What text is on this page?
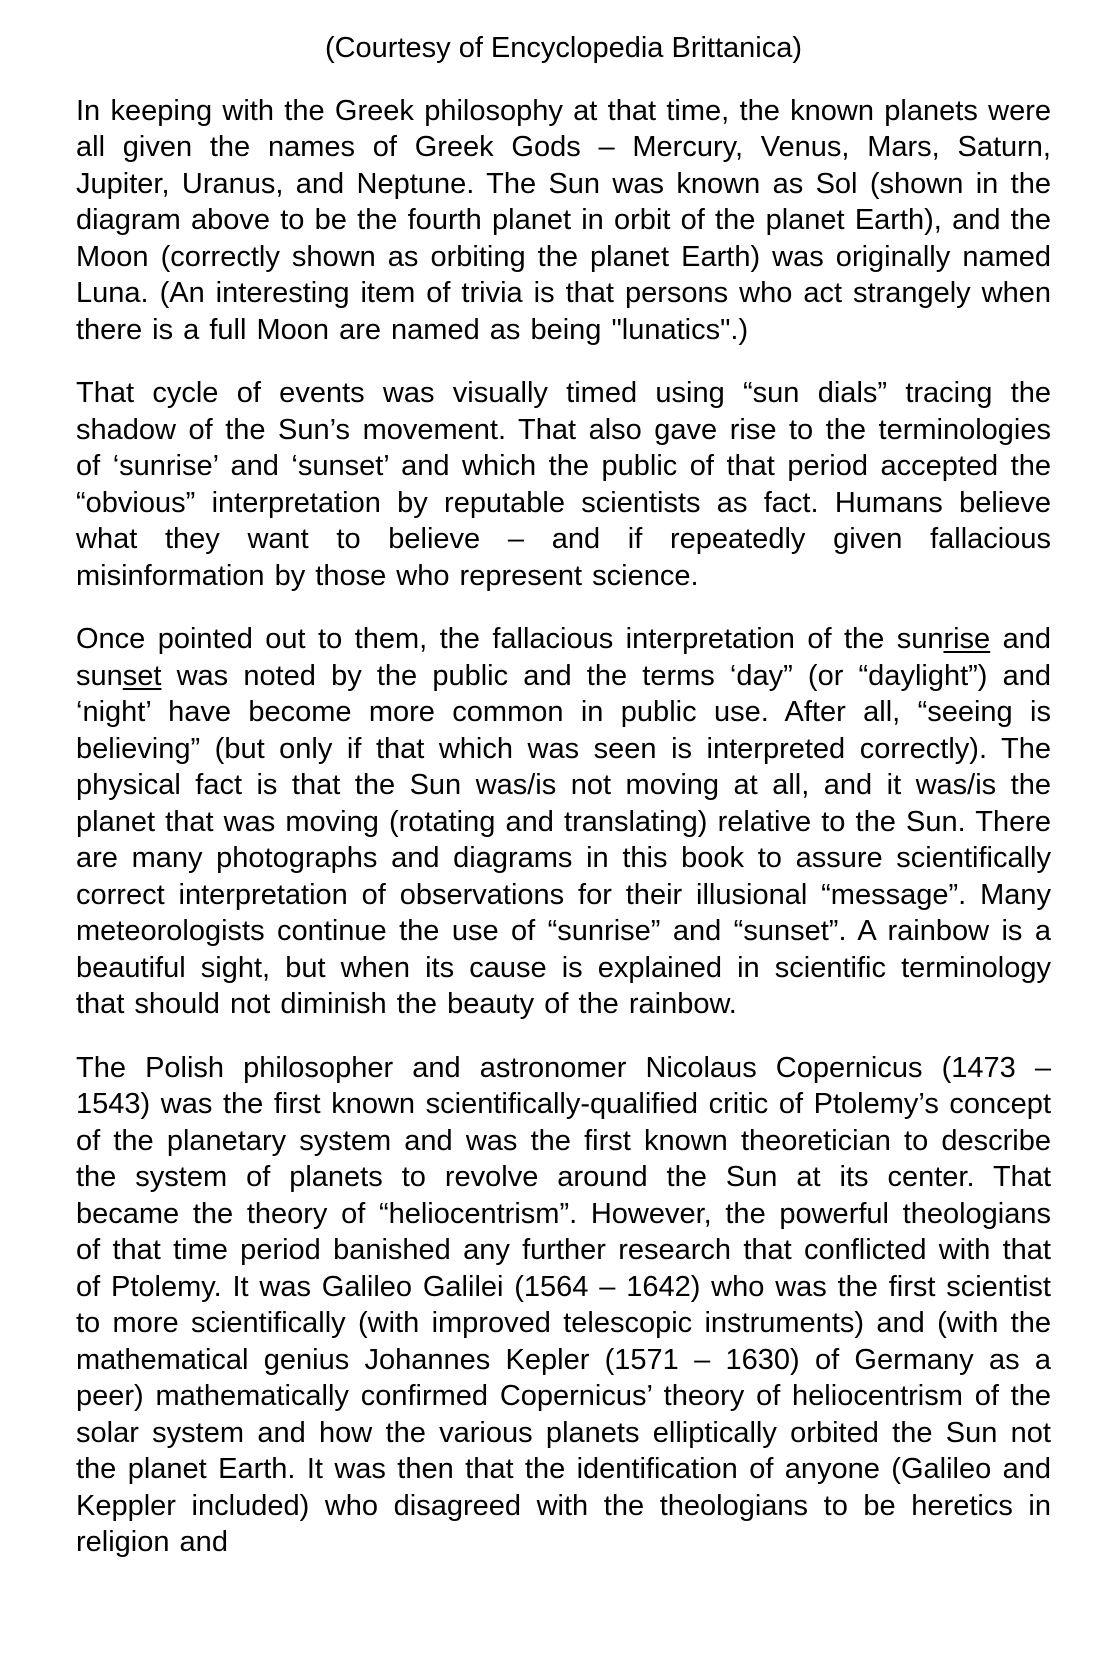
(Courtesy of Encyclopedia Brittanica)

In keeping with the Greek philosophy at that time, the known planets were all given the names of Greek Gods – Mercury, Venus, Mars, Saturn, Jupiter, Uranus, and Neptune. The Sun was known as Sol (shown in the diagram above to be the fourth planet in orbit of the planet Earth), and the Moon (correctly shown as orbiting the planet Earth) was originally named Luna. (An interesting item of trivia is that persons who act strangely when there is a full Moon are named as being "lunatics".)

That cycle of events was visually timed using “sun dials” tracing the shadow of the Sun’s movement. That also gave rise to the terminologies of ‘sunrise’ and ‘sunset’ and which the public of that period accepted the “obvious” interpretation by reputable scientists as fact. Humans believe what they want to believe – and if repeatedly given fallacious misinformation by those who represent science.

Once pointed out to them, the fallacious interpretation of the sunrise and sunset was noted by the public and the terms ‘day” (or “daylight”) and ‘night’ have become more common in public use. After all, “seeing is believing” (but only if that which was seen is interpreted correctly). The physical fact is that the Sun was/is not moving at all, and it was/is the planet that was moving (rotating and translating) relative to the Sun. There are many photographs and diagrams in this book to assure scientifically correct interpretation of observations for their illusional “message”. Many meteorologists continue the use of “sunrise” and “sunset”. A rainbow is a beautiful sight, but when its cause is explained in scientific terminology that should not diminish the beauty of the rainbow.

The Polish philosopher and astronomer Nicolaus Copernicus (1473 – 1543) was the first known scientifically-qualified critic of Ptolemy’s concept of the planetary system and was the first known theoretician to describe the system of planets to revolve around the Sun at its center. That became the theory of “heliocentrism”. However, the powerful theologians of that time period banished any further research that conflicted with that of Ptolemy. It was Galileo Galilei (1564 – 1642) who was the first scientist to more scientifically (with improved telescopic instruments) and (with the mathematical genius Johannes Kepler (1571 – 1630) of Germany as a peer) mathematically confirmed Copernicus’ theory of heliocentrism of the solar system and how the various planets elliptically orbited the Sun not the planet Earth. It was then that the identification of anyone (Galileo and Keppler included) who disagreed with the theologians to be heretics in religion and
